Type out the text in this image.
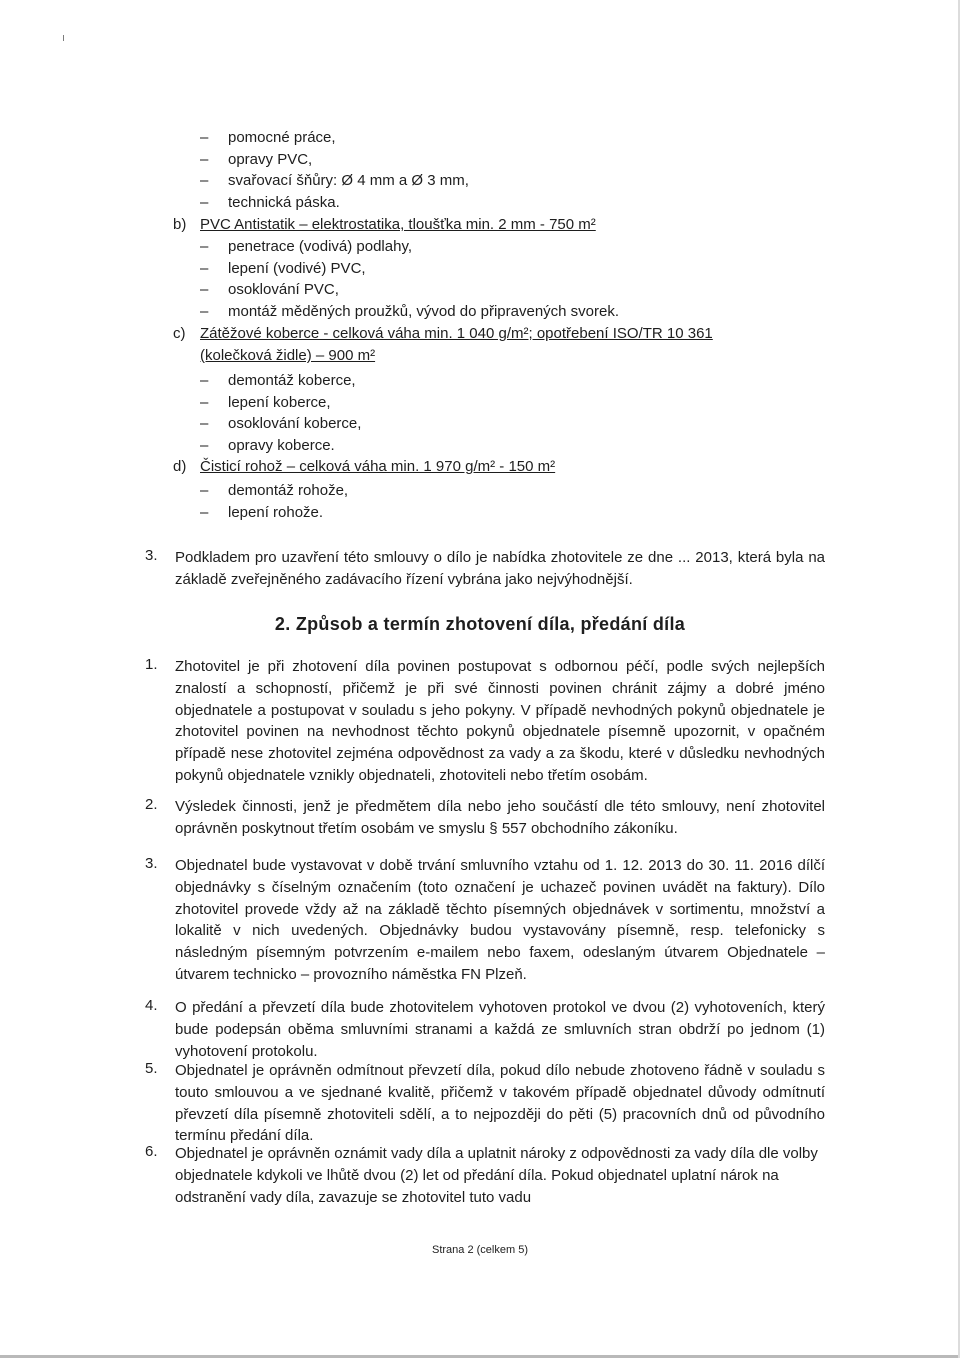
ı
– pomocné práce,
– opravy PVC,
– svařovací šňůry: Ø 4 mm a Ø 3 mm,
– technická páska.
b) PVC Antistatik – elektrostatika, tloušťka min. 2 mm - 750 m²
– penetrace (vodivá) podlahy,
– lepení (vodivé) PVC,
– osoklování PVC,
– montáž měděných proužků, vývod do připravených svorek.
c) Zátěžové koberce - celková váha min. 1 040 g/m²; opotřebení ISO/TR 10 361
(kolečková židle) – 900 m²
– demontáž koberce,
– lepení koberce,
– osoklování koberce,
– opravy koberce.
d) Čisticí rohož – celková váha min. 1 970 g/m² - 150 m²
– demontáž rohože,
– lepení rohože.
3. Podkladem pro uzavření této smlouvy o dílo je nabídka zhotovitele ze dne ... 2013, která byla na základě zveřejněného zadávacího řízení vybrána jako nejvýhodnější.
2. Způsob a termín zhotovení díla, předání díla
1. Zhotovitel je při zhotovení díla povinen postupovat s odbornou péčí, podle svých nejlepších znalostí a schopností, přičemž je při své činnosti povinen chránit zájmy a dobré jméno objednatele a postupovat v souladu s jeho pokyny. V případě nevhodných pokynů objednatele je zhotovitel povinen na nevhodnost těchto pokynů objednatele písemně upozornit, v opačném případě nese zhotovitel zejména odpovědnost za vady a za škodu, které v důsledku nevhodných pokynů objednatele vznikly objednateli, zhotoviteli nebo třetím osobám.
2. Výsledek činnosti, jenž je předmětem díla nebo jeho součástí dle této smlouvy, není zhotovitel oprávněn poskytnout třetím osobám ve smyslu § 557 obchodního zákoníku.
3. Objednatel bude vystavovat v době trvání smluvního vztahu od 1. 12. 2013 do 30. 11. 2016 dílčí objednávky s číselným označením (toto označení je uchazeč povinen uvádět na faktury). Dílo zhotovitel provede vždy až na základě těchto písemných objednávek v sortimentu, množství a lokalitě v nich uvedených. Objednávky budou vystavovány písemně, resp. telefonicky s následným písemným potvrzením e-mailem nebo faxem, odeslaným útvarem Objednatele – útvarem technicko – provozního náměstka FN Plzeň.
4. O předání a převzetí díla bude zhotovitelem vyhotoven protokol ve dvou (2) vyhotoveních, který bude podepsán oběma smluvními stranami a každá ze smluvních stran obdrží po jednom (1) vyhotovení protokolu.
5. Objednatel je oprávněn odmítnout převzetí díla, pokud dílo nebude zhotoveno řádně v souladu s touto smlouvou a ve sjednané kvalitě, přičemž v takovém případě objednatel důvody odmítnutí převzetí díla písemně zhotoviteli sdělí, a to nejpozději do pěti (5) pracovních dnů od původního termínu předání díla.
6. Objednatel je oprávněn oznámit vady díla a uplatnit nároky z odpovědnosti za vady díla dle volby objednatele kdykoli ve lhůtě dvou (2) let od předání díla. Pokud objednatel uplatní nárok na odstranění vady díla, zavazuje se zhotovitel tuto vadu
Strana 2 (celkem 5)
